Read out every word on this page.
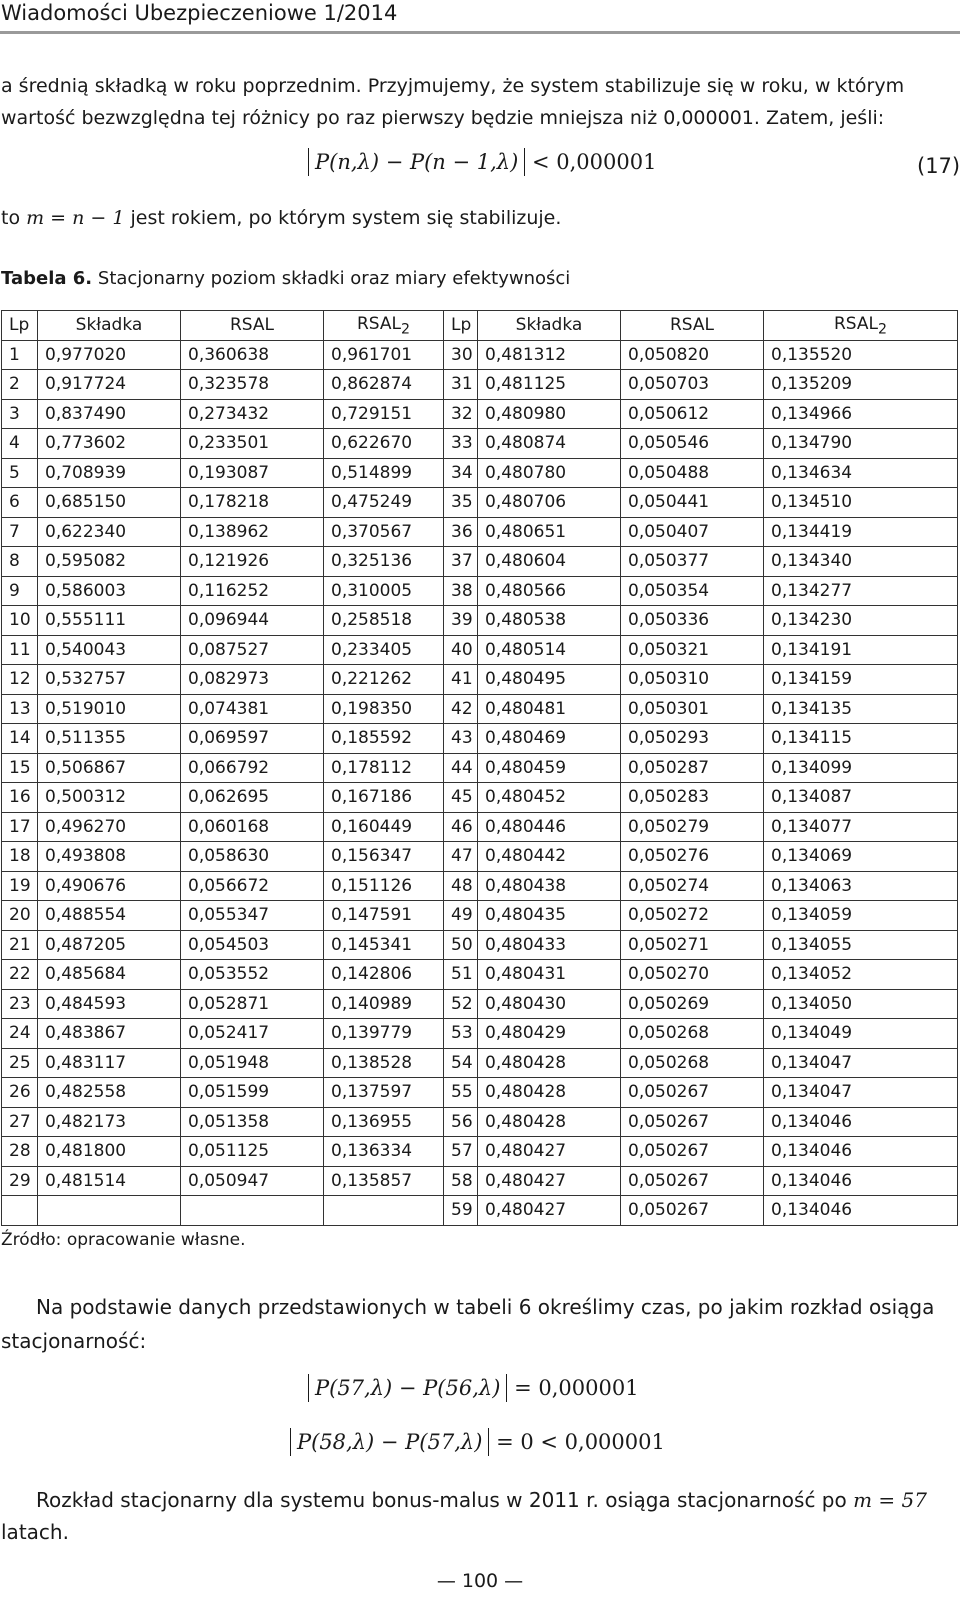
Wiadomości Ubezpieczeniowe 1/2014

a średnią składką w roku poprzednim. Przyjmujemy, że system stabilizuje się w roku, w którym wartość bezwzględna tej różnicy po raz pierwszy będzie mniejsza niż 0,000001. Zatem, jeśli:

P(n,λ) − P(n − 1,λ) < 0,000001	(17)

to m = n − 1 jest rokiem, po którym system się stabilizuje.

Tabela 6. Stacjonarny poziom składki oraz miary efektywności
Lp	Składka	RSAL	$RSAL_2$	Lp	Składka	RSAL	$RSAL_2$
1	0,977020	0,360638	0,961701	30	0,481312	0,050820	0,135520
2	0,917724	0,323578	0,862874	31	0,481125	0,050703	0,135209
3	0,837490	0,273432	0,729151	32	0,480980	0,050612	0,134966
4	0,773602	0,233501	0,622670	33	0,480874	0,050546	0,134790
5	0,708939	0,193087	0,514899	34	0,480780	0,050488	0,134634
6	0,685150	0,178218	0,475249	35	0,480706	0,050441	0,134510
7	0,622340	0,138962	0,370567	36	0,480651	0,050407	0,134419
8	0,595082	0,121926	0,325136	37	0,480604	0,050377	0,134340
9	0,586003	0,116252	0,310005	38	0,480566	0,050354	0,134277
10	0,555111	0,096944	0,258518	39	0,480538	0,050336	0,134230
11	0,540043	0,087527	0,233405	40	0,480514	0,050321	0,134191
12	0,532757	0,082973	0,221262	41	0,480495	0,050310	0,134159
13	0,519010	0,074381	0,198350	42	0,480481	0,050301	0,134135
14	0,511355	0,069597	0,185592	43	0,480469	0,050293	0,134115
15	0,506867	0,066792	0,178112	44	0,480459	0,050287	0,134099
16	0,500312	0,062695	0,167186	45	0,480452	0,050283	0,134087
17	0,496270	0,060168	0,160449	46	0,480446	0,050279	0,134077
18	0,493808	0,058630	0,156347	47	0,480442	0,050276	0,134069
19	0,490676	0,056672	0,151126	48	0,480438	0,050274	0,134063
20	0,488554	0,055347	0,147591	49	0,480435	0,050272	0,134059
21	0,487205	0,054503	0,145341	50	0,480433	0,050271	0,134055
22	0,485684	0,053552	0,142806	51	0,480431	0,050270	0,134052
23	0,484593	0,052871	0,140989	52	0,480430	0,050269	0,134050
24	0,483867	0,052417	0,139779	53	0,480429	0,050268	0,134049
25	0,483117	0,051948	0,138528	54	0,480428	0,050268	0,134047
26	0,482558	0,051599	0,137597	55	0,480428	0,050267	0,134047
27	0,482173	0,051358	0,136955	56	0,480428	0,050267	0,134046
28	0,481800	0,051125	0,136334	57	0,480427	0,050267	0,134046
29	0,481514	0,050947	0,135857	58	0,480427	0,050267	0,134046
				59	0,480427	0,050267	0,134046
Źródło: opracowanie własne.

Na podstawie danych przedstawionych w tabeli 6 określimy czas, po jakim rozkład osiąga stacjonarność:

P(57,λ) − P(56,λ) = 0,000001
P(58,λ) − P(57,λ) = 0 < 0,000001

Rozkład stacjonarny dla systemu bonus-malus w 2011 r. osiąga stacjonarność po m = 57 latach.

— 100 —
